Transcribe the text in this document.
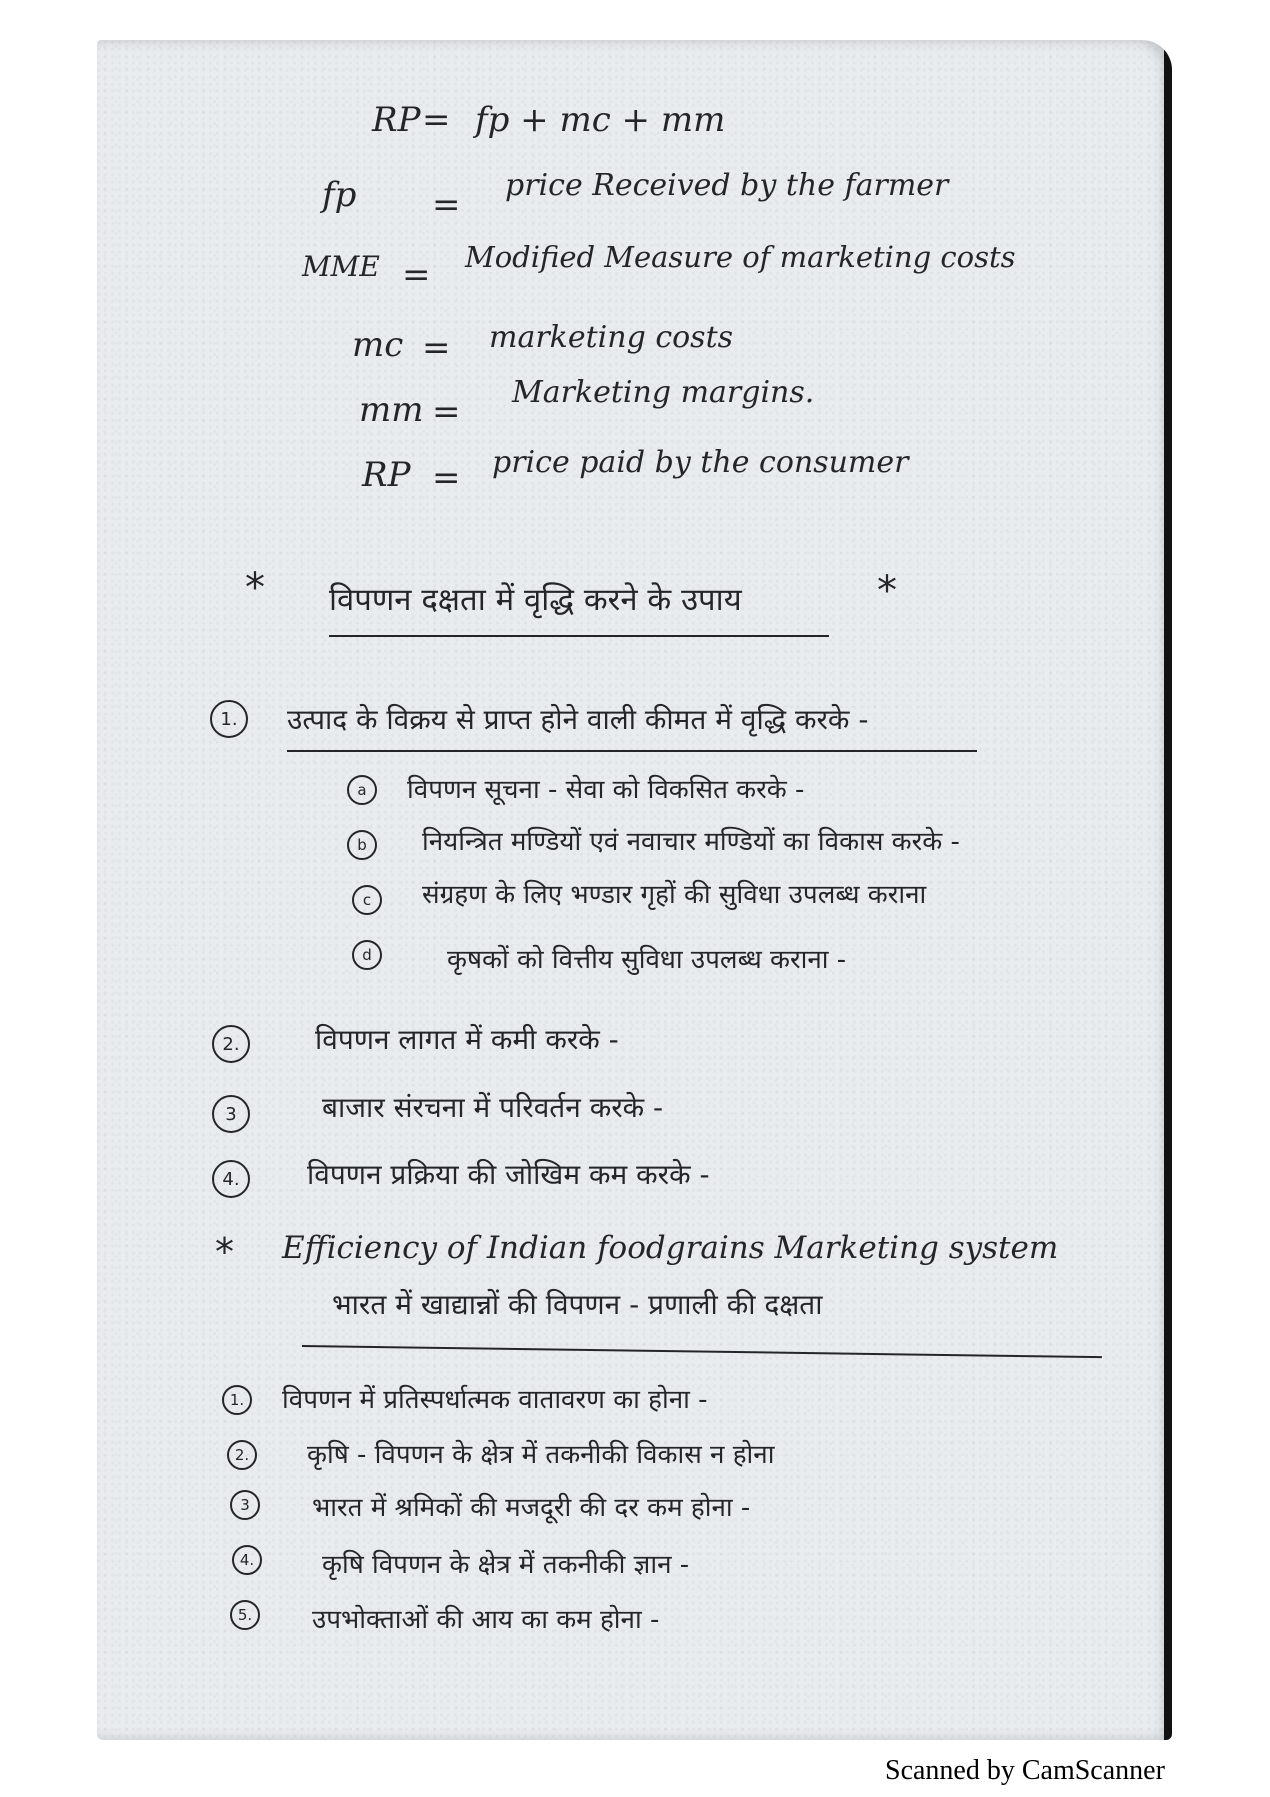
RP = fp + mc + mm
fp = price Received by the farmer
MME = Modified Measure of marketing costs
mc = marketing costs
mm = Marketing margins.
RP = price paid by the consumer
* विपणन दक्षता में वृद्धि करने के उपाय	*
1.	उत्पाद के विक्रय से प्राप्त होने वाली कीमत में वृद्धि करके -
a	विपणन सूचना - सेवा को विकसित करके -
b	नियन्त्रित मण्डियों एवं नवाचार मण्डियों का विकास करके -
c	संग्रहण के लिए भण्डार गृहों की सुविधा उपलब्ध कराना
d	कृषकों को वित्तीय सुविधा उपलब्ध कराना -
2.	विपणन लागत में कमी करके -
3	बाजार संरचना में परिवर्तन करके -
4.	विपणन प्रक्रिया की जोखिम कम करके -
* Efficiency of Indian foodgrains Marketing system
भारत में खाद्यान्नों की विपणन - प्रणाली की दक्षता
1.	विपणन में प्रतिस्पर्धात्मक वातावरण का होना -
2.	कृषि - विपणन के क्षेत्र में तकनीकी विकास न होना
3	भारत में श्रमिकों की मजदूरी की दर कम होना -
4.	कृषि विपणन के क्षेत्र में तकनीकी ज्ञान -
5.	उपभोक्ताओं की आय का कम होना -
Scanned by CamScanner
